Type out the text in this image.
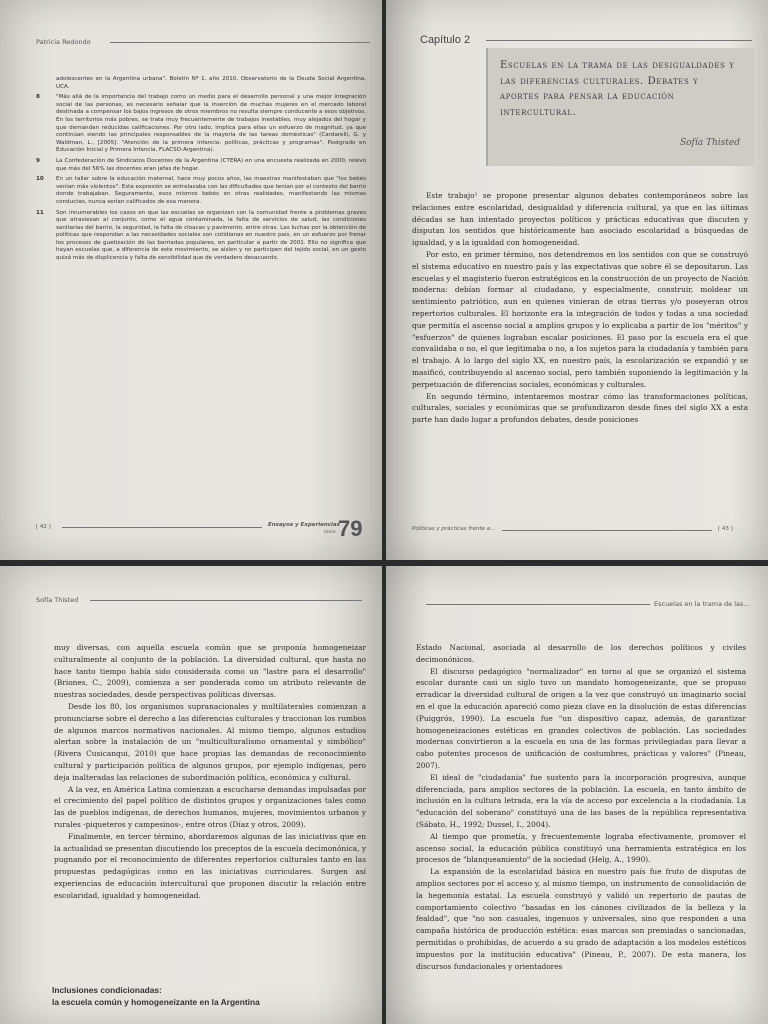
Patricia Redondo
adolescentes en la Argentina urbana", Boletín Nº 1, año 2010, Observatorio de la Deuda Social Argentina, UCA.
8	"Más allá de la importancia del trabajo como un medio para el desarrollo personal y una mejor integración social de las personas, es necesario señalar que la inserción de muchas mujeres en el mercado laboral destinada a compensar los bajos ingresos de otros miembros no resulta siempre conducente a esos objetivos. En los territorios más pobres, se trata muy frecuentemente de trabajos inestables, muy alejados del hogar y que demandan reducidas calificaciones. Por otro lado, implica para ellas un esfuerzo de magnitud, ya que continúan siendo las principales responsables de la mayoría de las tareas domésticas" (Cardarelli, G. y Waldman, L., [2005]. "Atención de la primera infancia: políticas, prácticas y programas", Postgrado en Educación Inicial y Primera Infancia, FLACSO-Argentina).
9	La Confederación de Sindicatos Docentes de la Argentina (CTERA) en una encuesta realizada en 2000, relevó que más del 56% las docentes eran jefas de hogar.
10	En un taller sobre la educación maternal, hace muy pocos años, las maestras manifestaban que "los bebés venían más violentos". Esta expresión se entrelazaba con las dificultades que tenían por el contexto del barrio donde trabajaban. Seguramente, esos mismos bebés en otras realidades, manifestando las mismas conductas, nunca serían calificados de esa manera.
11	Son innumerables los casos en que las escuelas se organizan con la comunidad frente a problemas graves que atraviesan al conjunto, como el agua contaminada, la falta de servicios de salud, las condiciones sanitarias del barrio, la seguridad, la falta de cloacas y pavimento, entre otras. Las luchas por la obtención de políticas que respondan a las necesidades sociales son cotidianas en nuestro país, en un esfuerzo por frenar los procesos de guetización de las barriadas populares, en particular a partir de 2001. Ello no significa que hayan escuelas que, a diferencia de este movimiento, se aíslen y no participen del tejido social, en un gesto quizá más de displicencia y falta de sensibilidad que de verdadero desacuerdo.
[ 42 ]	Ensayos y Experiencias
tomo 79
Capítulo 2
Escuelas en la trama de las desigualdades y las diferencias culturales. Debates y aportes para pensar la educación intercultural.
Sofía Thisted

Este trabajo¹ se propone presentar algunos debates contemporáneos sobre las relaciones entre escolaridad, desigualdad y diferencia cultural, ya que en las últimas décadas se han intentado proyectos políticos y prácticas educativas que discuten y disputan los sentidos que históricamente han asociado escolaridad a búsquedas de igualdad, y a la igualdad con homogeneidad.

Por esto, en primer término, nos detendremos en los sentidos con que se construyó el sistema educativo en nuestro país y las expectativas que sobre él se depositaron. Las escuelas y el magisterio fueron estratégicos en la construcción de un proyecto de Nación moderna: debían formar al ciudadano, y especialmente, construir, moldear un sentimiento patriótico, aun en quienes vinieran de otras tierras y/o poseyeran otros repertorios culturales. El horizonte era la integración de todos y todas a una sociedad que permitía el ascenso social a amplios grupos y lo explicaba a partir de los "méritos" y "esfuerzos" de quienes lograban escalar posiciones. El paso por la escuela era el que convalidaba o no, el que legitimaba o no, a los sujetos para la ciudadanía y también para el trabajo. A lo largo del siglo XX, en nuestro país, la escolarización se expandió y se masificó, contribuyendo al ascenso social, pero también suponiendo la legitimación y la perpetuación de diferencias sociales, económicas y culturales.

En segundo término, intentaremos mostrar cómo las transformaciones políticas, culturales, sociales y económicas que se profundizaron desde fines del siglo XX a esta parte han dado lugar a profundos debates, desde posiciones

Políticas y prácticas frente a...	[ 43 ]
Sofía Thisted

muy diversas, con aquella escuela común que se proponía homogeneizar culturalmente al conjunto de la población. La diversidad cultural, que hasta no hace tanto tiempo había sido considerada como un "lastre para el desarrollo" (Briones, C., 2009), comienza a ser ponderada como un atributo relevante de nuestras sociedades, desde perspectivas políticas diversas.

Desde los 80, los organismos supranacionales y multilaterales comienzan a pronunciarse sobre el derecho a las diferencias culturales y traccionan los rumbos de algunos marcos normativos nacionales. Al mismo tiempo, algunos estudios alertan sobre la instalación de un "multiculturalismo ornamental y simbólico" (Rivera Cusicanqui, 2010) que hace propias las demandas de reconocimiento cultural y participación política de algunos grupos, por ejemplo indígenas, pero deja inalteradas las relaciones de subordinación política, económica y cultural.

A la vez, en América Latina comienzan a escucharse demandas impulsadas por el crecimiento del papel político de distintos grupos y organizaciones tales como las de pueblos indígenas, de derechos humanos, mujeres, movimientos urbanos y rurales -piqueteros y campesinos-, entre otros (Díaz y otros, 2009).

Finalmente, en tercer término, abordaremos algunas de las iniciativas que en la actualidad se presentan discutiendo los preceptos de la escuela decimonónica, y pugnando por el reconocimiento de diferentes repertorios culturales tanto en las propuestas pedagógicas como en las iniciativas curriculares. Surgen así experiencias de educación intercultural que proponen discutir la relación entre escolaridad, igualdad y homogeneidad.

Inclusiones condicionadas:
la escuela común y homogeneizante en la Argentina
Escuelas en la trama de las...

Estado Nacional, asociada al desarrollo de los derechos políticos y civiles decimonónicos.

El discurso pedagógico "normalizador" en torno al que se organizó el sistema escolar durante casi un siglo tuvo un mandato homogeneizante, que se propuso erradicar la diversidad cultural de origen a la vez que construyó un imaginario social en el que la educación apareció como pieza clave en la disolución de estas diferencias (Puiggrós, 1990). La escuela fue "un dispositivo capaz, además, de garantizar homogeneizaciones estéticas en grandes colectivos de población. Las sociedades modernas convirtieron a la escuela en una de las formas privilegiadas para llevar a cabo potentes procesos de unificación de costumbres, prácticas y valores" (Pineau, 2007).

El ideal de "ciudadanía" fue sustento para la incorporación progresiva, aunque diferenciada, para amplios sectores de la población. La escuela, en tanto ámbito de inclusión en la cultura letrada, era la vía de acceso por excelencia a la ciudadanía. La "educación del soberano" constituyó una de las bases de la república representativa (Sábato, H., 1992; Dussel, I., 2004).

Al tiempo que prometía, y frecuentemente lograba efectivamente, promover el ascenso social, la educación pública constituyó una herramienta estratégica en los procesos de "blanqueamiento" de la sociedad (Helg, A., 1990).

La expansión de la escolaridad básica en nuestro país fue fruto de disputas de amplios sectores por el acceso y, al mismo tiempo, un instrumento de consolidación de la hegemonía estatal. La escuela construyó y validó un repertorio de pautas de comportamiento colectivo "basadas en los cánones civilizados de la belleza y la fealdad", que "no son casuales, ingenuos y universales, sino que responden a una campaña histórica de producción estética: esas marcas son premiadas o sancionadas, permitidas o prohibidas, de acuerdo a su grado de adaptación a los modelos estéticos impuestos por la institución educativa" (Pineau, P., 2007). De esta manera, los discursos fundacionales y orientadores
